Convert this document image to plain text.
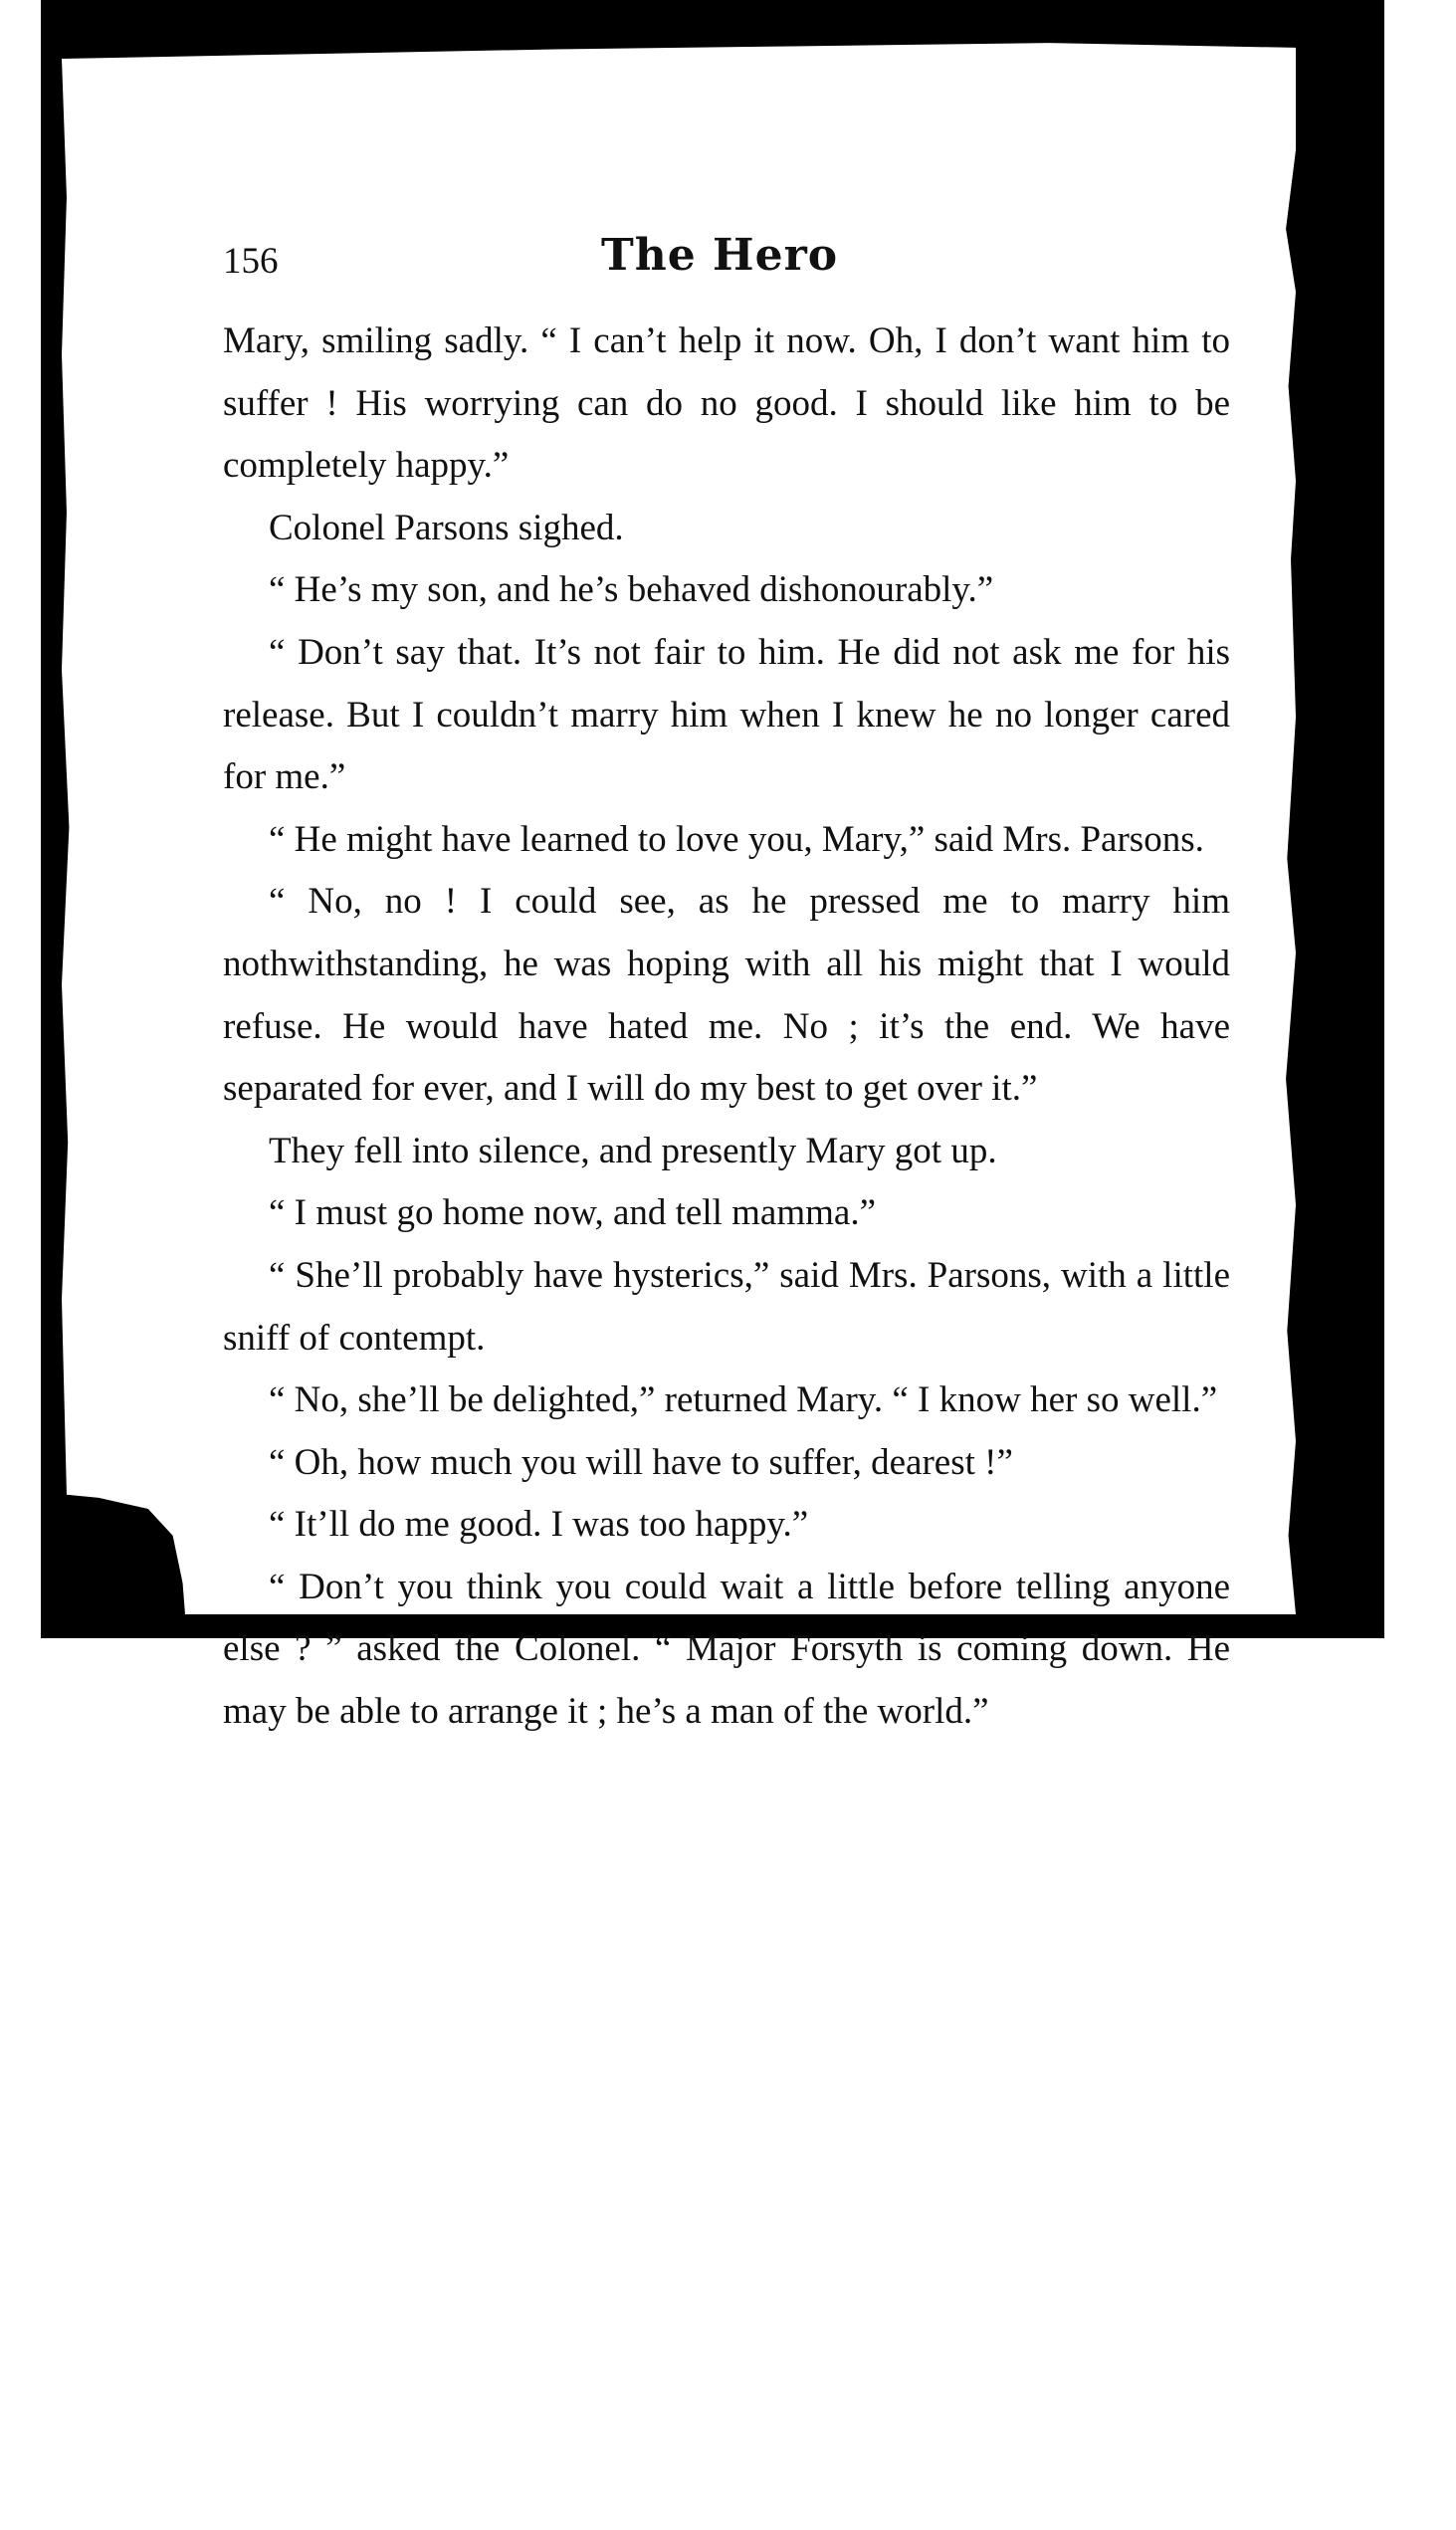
156	The Hero

Mary, smiling sadly. “ I can’t help it now. Oh, I don’t want him to suffer ! His worrying can do no good. I should like him to be completely happy.”

Colonel Parsons sighed.

“ He’s my son, and he’s behaved dishonourably.”

“ Don’t say that. It’s not fair to him. He did not ask me for his release. But I couldn’t marry him when I knew he no longer cared for me.”

“ He might have learned to love you, Mary,” said Mrs. Parsons.

“ No, no ! I could see, as he pressed me to marry him nothwithstanding, he was hoping with all his might that I would refuse. He would have hated me. No ; it’s the end. We have separated for ever, and I will do my best to get over it.”

They fell into silence, and presently Mary got up.

“ I must go home now, and tell mamma.”

“ She’ll probably have hysterics,” said Mrs. Parsons, with a little sniff of contempt.

“ No, she’ll be delighted,” returned Mary. “ I know her so well.”

“ Oh, how much you will have to suffer, dearest !”

“ It’ll do me good. I was too happy.”

“ Don’t you think you could wait a little before telling anyone else ? ” asked the Colonel. “ Major Forsyth is coming down. He may be able to arrange it ; he’s a man of the world.”
